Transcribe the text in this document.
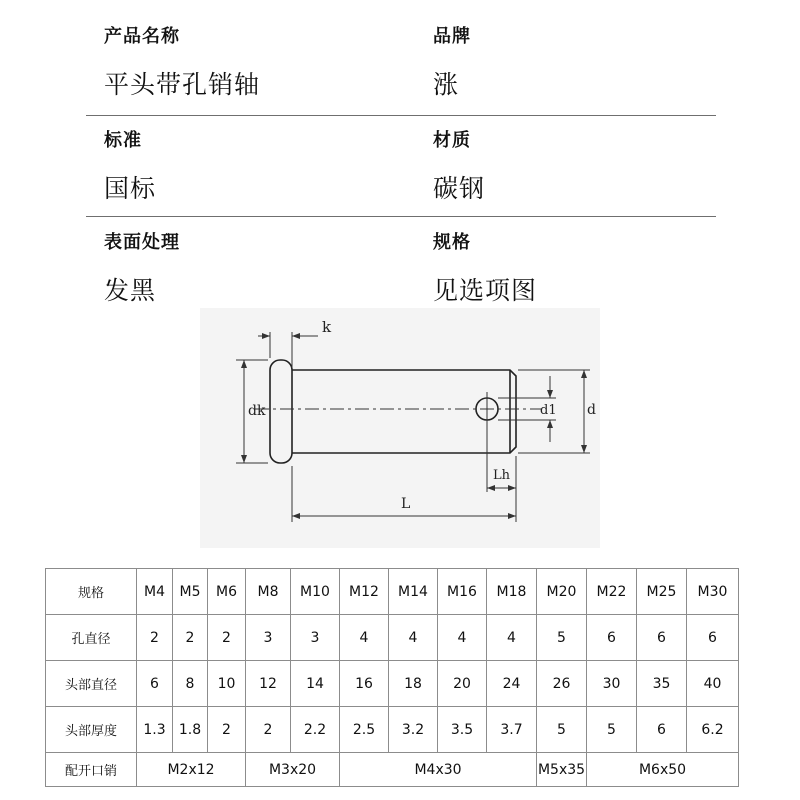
产品名称
平头带孔销轴
品牌
涨
标准
国标
材质
碳钢
表面处理
发黑
规格
见选项图
k
dk	d1 d
Lh
L
规格	M4	M5	M6	M8	M10	M12	M14	M16	M18	M20	M22	M25	M30
孔直径	2	2	2	3	3	4	4	4	4	5	6	6	6
头部直径	6	8	10	12	14	16	18	20	24	26	30	35	40
头部厚度	1.3	1.8	2	2	2.2	2.5	3.2	3.5	3.7	5	5	6	6.2
配开口销	M2x12			M3x20		M4x30				M5x35	M6x50		
